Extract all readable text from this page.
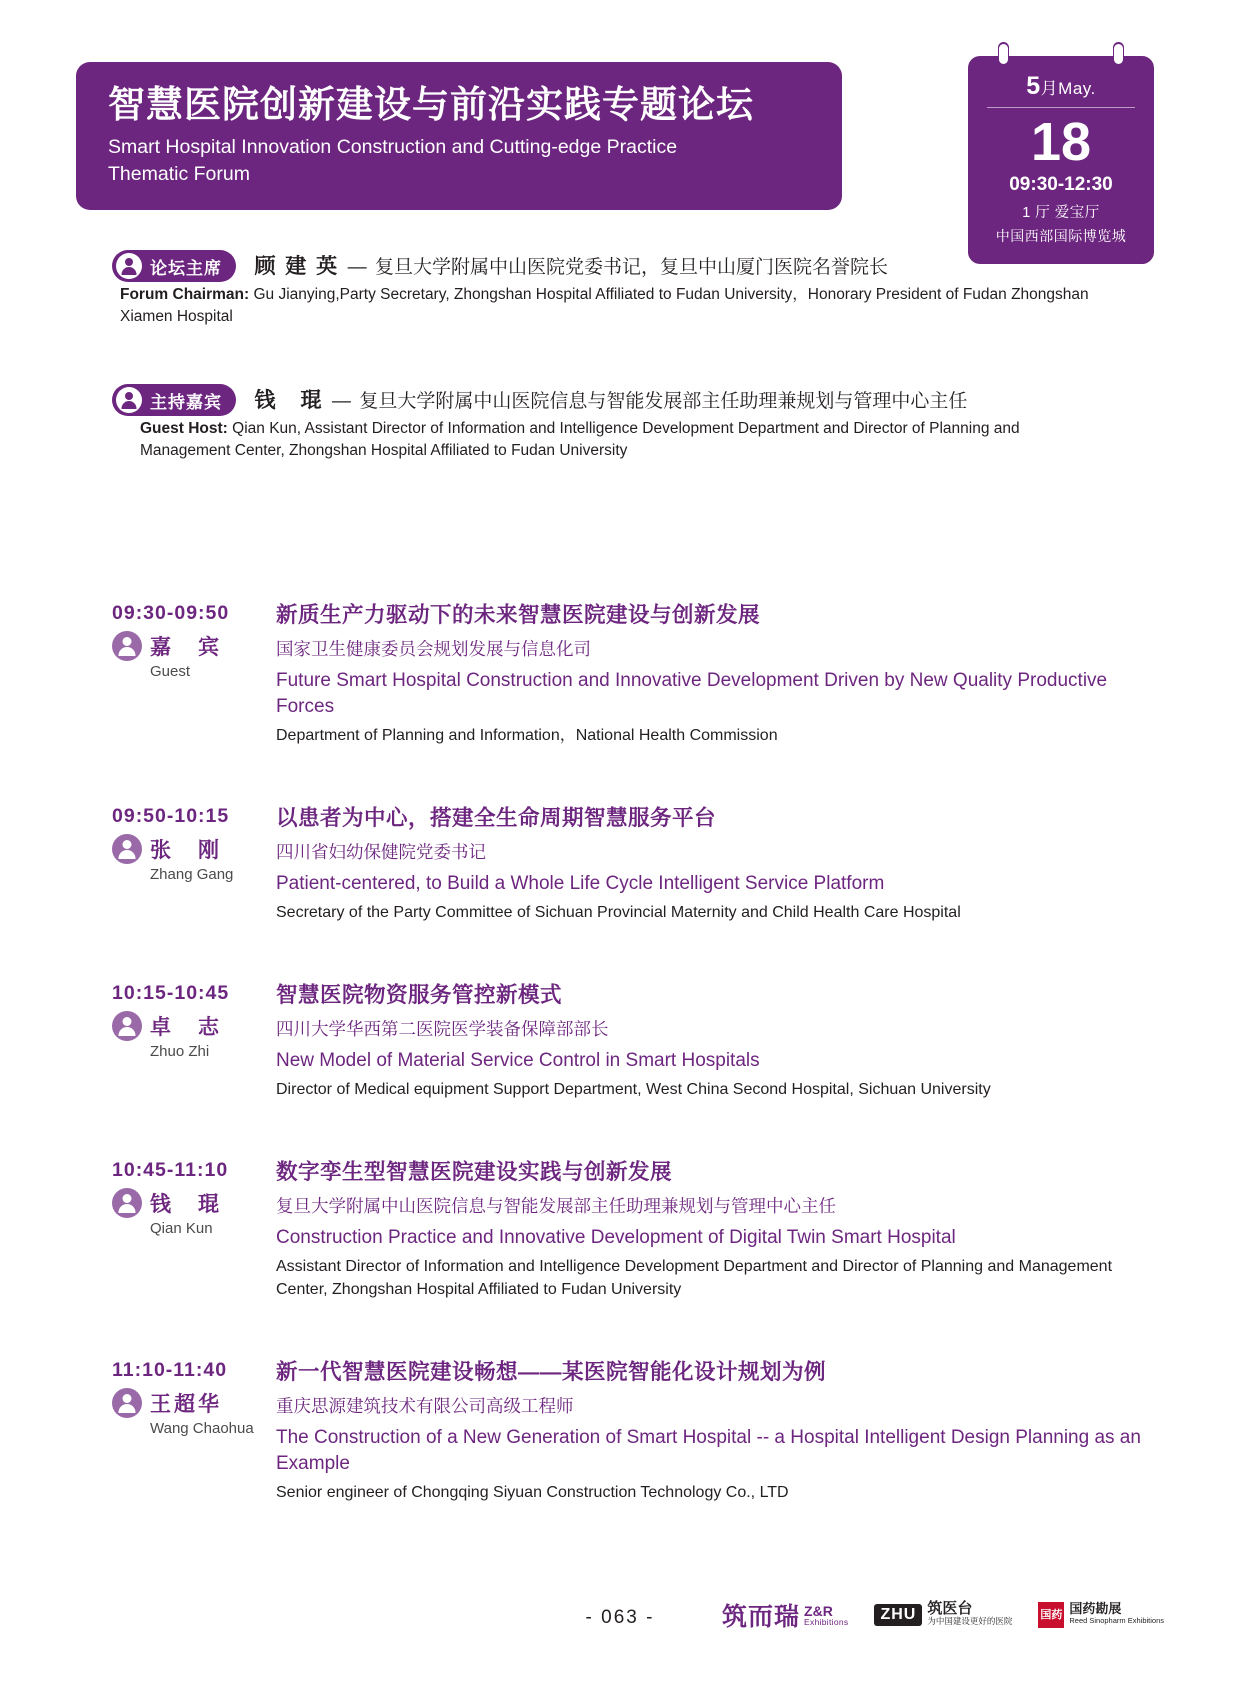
智慧医院创新建设与前沿实践专题论坛
Smart Hospital Innovation Construction and Cutting-edge Practice
Thematic Forum
5月May.
18
09:30-12:30
1 厅 爱宝厅
中国西部国际博览城
论坛主席 顾 建 英 — 复旦大学附属中山医院党委书记，复旦中山厦门医院名誉院长
Forum Chairman: Gu Jianying,Party Secretary, Zhongshan Hospital Affiliated to Fudan University，Honorary President of Fudan Zhongshan Xiamen Hospital
主持嘉宾 钱　琨 — 复旦大学附属中山医院信息与智能发展部主任助理兼规划与管理中心主任
Guest Host: Qian Kun, Assistant Director of Information and Intelligence Development Department and Director of Planning and Management Center, Zhongshan Hospital Affiliated to Fudan University
09:30-09:50
嘉　宾
Guest
新质生产力驱动下的未来智慧医院建设与创新发展
国家卫生健康委员会规划发展与信息化司
Future Smart Hospital Construction and Innovative Development Driven by New Quality Productive Forces
Department of Planning and Information，National Health Commission
09:50-10:15
张　刚
Zhang Gang
以患者为中心，搭建全生命周期智慧服务平台
四川省妇幼保健院党委书记
Patient-centered, to Build a Whole Life Cycle Intelligent Service Platform
Secretary of the Party Committee of Sichuan Provincial Maternity and Child Health Care Hospital
10:15-10:45
卓　志
Zhuo Zhi
智慧医院物资服务管控新模式
四川大学华西第二医院医学装备保障部部长
New Model of Material Service Control in Smart Hospitals
Director of Medical equipment Support Department, West China Second Hospital, Sichuan University
10:45-11:10
钱　琨
Qian Kun
数字孪生型智慧医院建设实践与创新发展
复旦大学附属中山医院信息与智能发展部主任助理兼规划与管理中心主任
Construction Practice and Innovative Development of Digital Twin Smart Hospital
Assistant Director of Information and Intelligence Development Department and Director of Planning and Management Center, Zhongshan Hospital Affiliated to Fudan University
11:10-11:40
王超华
Wang Chaohua
新一代智慧医院建设畅想——某医院智能化设计规划为例
重庆思源建筑技术有限公司高级工程师
The Construction of a New Generation of Smart Hospital -- a Hospital Intelligent Design Planning as an Example
Senior engineer of Chongqing Siyuan Construction Technology Co., LTD
- 063 -	筑而瑞 Z&R
Exhibitions	ZHU 筑医台
为中国建设更好的医院
国药 国药勘展
Reed Sinopharm Exhibitions
